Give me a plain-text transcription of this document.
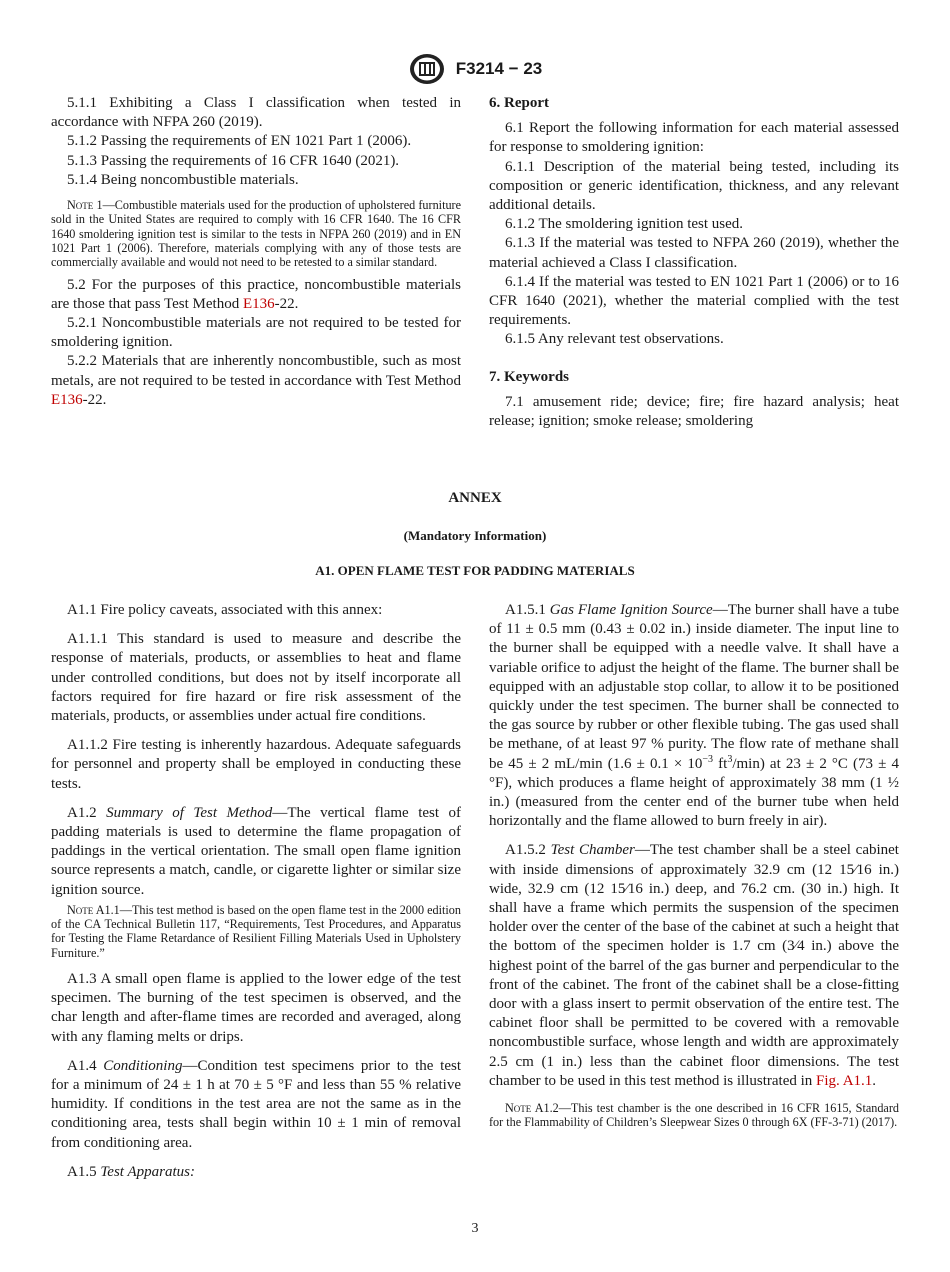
F3214 − 23

5.1.1 Exhibiting a Class I classification when tested in accordance with NFPA 260 (2019).

5.1.2 Passing the requirements of EN 1021 Part 1 (2006).

5.1.3 Passing the requirements of 16 CFR 1640 (2021).

5.1.4 Being noncombustible materials.

Note 1—Combustible materials used for the production of upholstered furniture sold in the United States are required to comply with 16 CFR 1640. The 16 CFR 1640 smoldering ignition test is similar to the tests in NFPA 260 (2019) and in EN 1021 Part 1 (2006). Therefore, materials complying with any of those tests are commercially available and would not need to be retested to a similar standard.

5.2 For the purposes of this practice, noncombustible materials are those that pass Test Method E136-22.

5.2.1 Noncombustible materials are not required to be tested for smoldering ignition.

5.2.2 Materials that are inherently noncombustible, such as most metals, are not required to be tested in accordance with Test Method E136-22.

6. Report

6.1 Report the following information for each material assessed for response to smoldering ignition:

6.1.1 Description of the material being tested, including its composition or generic identification, thickness, and any relevant additional details.

6.1.2 The smoldering ignition test used.

6.1.3 If the material was tested to NFPA 260 (2019), whether the material achieved a Class I classification.

6.1.4 If the material was tested to EN 1021 Part 1 (2006) or to 16 CFR 1640 (2021), whether the material complied with the test requirements.

6.1.5 Any relevant test observations.

7. Keywords

7.1 amusement ride; device; fire; fire hazard analysis; heat release; ignition; smoke release; smoldering

ANNEX
(Mandatory Information)
A1. OPEN FLAME TEST FOR PADDING MATERIALS

A1.1 Fire policy caveats, associated with this annex:

A1.1.1 This standard is used to measure and describe the response of materials, products, or assemblies to heat and flame under controlled conditions, but does not by itself incorporate all factors required for fire hazard or fire risk assessment of the materials, products, or assemblies under actual fire conditions.

A1.1.2 Fire testing is inherently hazardous. Adequate safeguards for personnel and property shall be employed in conducting these tests.

A1.2 Summary of Test Method—The vertical flame test of padding materials is used to determine the flame propagation of paddings in the vertical orientation. The small open flame ignition source represents a match, candle, or cigarette lighter or similar size ignition source.

Note A1.1—This test method is based on the open flame test in the 2000 edition of the CA Technical Bulletin 117, “Requirements, Test Procedures, and Apparatus for Testing the Flame Retardance of Resilient Filling Materials Used in Upholstery Furniture.”

A1.3 A small open flame is applied to the lower edge of the test specimen. The burning of the test specimen is observed, and the char length and after-flame times are recorded and averaged, along with any flaming melts or drips.

A1.4 Conditioning—Condition test specimens prior to the test for a minimum of 24 ± 1 h at 70 ± 5 °F and less than 55 % relative humidity. If conditions in the test area are not the same as in the conditioning area, tests shall begin within 10 ± 1 min of removal from conditioning area.

A1.5 Test Apparatus:

A1.5.1 Gas Flame Ignition Source—The burner shall have a tube of 11 ± 0.5 mm (0.43 ± 0.02 in.) inside diameter. The input line to the burner shall be equipped with a needle valve. It shall have a variable orifice to adjust the height of the flame. The burner shall be equipped with an adjustable stop collar, to allow it to be positioned quickly under the test specimen. The burner shall be connected to the gas source by rubber or other flexible tubing. The gas used shall be methane, of at least 97 % purity. The flow rate of methane shall be 45 ± 2 mL/min ($1.6 \pm 0.1 \times 10^{-3}$ $ft^3/\min$) at 23 ± 2 °C (73 ± 4 °F), which produces a flame height of approximately 38 mm (1 ½ in.) (measured from the center end of the burner tube when held horizontally and the flame allowed to burn freely in air).

A1.5.2 Test Chamber—The test chamber shall be a steel cabinet with inside dimensions of approximately 32.9 cm (12 15⁄16 in.) wide, 32.9 cm (12 15⁄16 in.) deep, and 76.2 cm. (30 in.) high. It shall have a frame which permits the suspension of the specimen holder over the center of the base of the cabinet at such a height that the bottom of the specimen holder is 1.7 cm (3⁄4 in.) above the highest point of the barrel of the gas burner and perpendicular to the front of the cabinet. The front of the cabinet shall be a close-fitting door with a glass insert to permit observation of the entire test. The cabinet floor shall be permitted to be covered with a removable noncombustible surface, whose length and width are approximately 2.5 cm (1 in.) less than the cabinet floor dimensions. The test chamber to be used in this test method is illustrated in Fig. A1.1.

Note A1.2—This test chamber is the one described in 16 CFR 1615, Standard for the Flammability of Children’s Sleepwear Sizes 0 through 6X (FF-3-71) (2017).
3
